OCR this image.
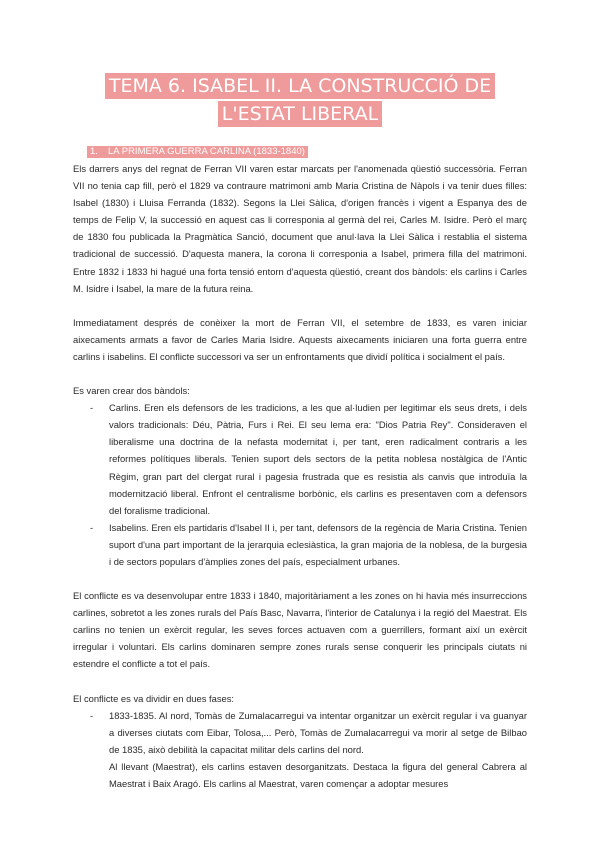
TEMA 6. ISABEL II. LA CONSTRUCCIÓ DE L'ESTAT LIBERAL
1. LA PRIMERA GUERRA CARLINA (1833-1840)

Els darrers anys del regnat de Ferran VII varen estar marcats per l'anomenada qüestió successòria. Ferran VII no tenia cap fill, però el 1829 va contraure matrimoni amb Maria Cristina de Nàpols i va tenir dues filles: Isabel (1830) i Lluisa Ferranda (1832). Segons la Llei Sàlica, d'origen francès i vigent a Espanya des de temps de Felip V, la successió en aquest cas li corresponia al germà del rei, Carles M. Isidre. Però el març de 1830 fou publicada la Pragmàtica Sanció, document que anul·lava la Llei Sàlica i restablia el sistema tradicional de successió. D'aquesta manera, la corona li corresponia a Isabel, primera filla del matrimoni. Entre 1832 i 1833 hi hagué una forta tensió entorn d'aquesta qüestió, creant dos bàndols: els carlins i Carles M. Isidre i Isabel, la mare de la futura reina.

Immediatament després de conèixer la mort de Ferran VII, el setembre de 1833, es varen iniciar aixecaments armats a favor de Carles Maria Isidre. Aquests aixecaments iniciaren una forta guerra entre carlins i isabelins. El conflicte successori va ser un enfrontaments que dividí política i socialment el país.

Es varen crear dos bàndols:

- Carlins. Eren els defensors de les tradicions, a les que al·ludien per legitimar els seus drets, i dels valors tradicionals: Déu, Pàtria, Furs i Rei. El seu lema era: "Dios Patria Rey". Consideraven el liberalisme una doctrina de la nefasta modernitat i, per tant, eren radicalment contraris a les reformes polítiques liberals. Tenien suport dels sectors de la petita noblesa nostàlgica de l'Antic Règim, gran part del clergat rural i pagesia frustrada que es resistia als canvis que introduïa la modernització liberal. Enfront el centralisme borbònic, els carlins es presentaven com a defensors del foralisme tradicional.
- Isabelins. Eren els partidaris d'Isabel II i, per tant, defensors de la regència de Maria Cristina. Tenien suport d'una part important de la jerarquia eclesiàstica, la gran majoria de la noblesa, de la burgesia i de sectors populars d'àmplies zones del país, especialment urbanes.

El conflicte es va desenvolupar entre 1833 i 1840, majoritàriament a les zones on hi havia més insurreccions carlines, sobretot a les zones rurals del País Basc, Navarra, l'interior de Catalunya i la regió del Maestrat. Els carlins no tenien un exèrcit regular, les seves forces actuaven com a guerrillers, formant així un exèrcit irregular i voluntari. Els carlins dominaren sempre zones rurals sense conquerir les principals ciutats ni estendre el conflicte a tot el país.

El conflicte es va dividir en dues fases:

- 1833-1835. Al nord, Tomàs de Zumalacarregui va intentar organitzar un exèrcit regular i va guanyar a diverses ciutats com Eibar, Tolosa,... Però, Tomàs de Zumalacarregui va morir al setge de Bilbao de 1835, això debilità la capacitat militar dels carlins del nord.

Al llevant (Maestrat), els carlins estaven desorganitzats. Destaca la figura del general Cabrera al Maestrat i Baix Aragó. Els carlins al Maestrat, varen començar a adoptar mesures
